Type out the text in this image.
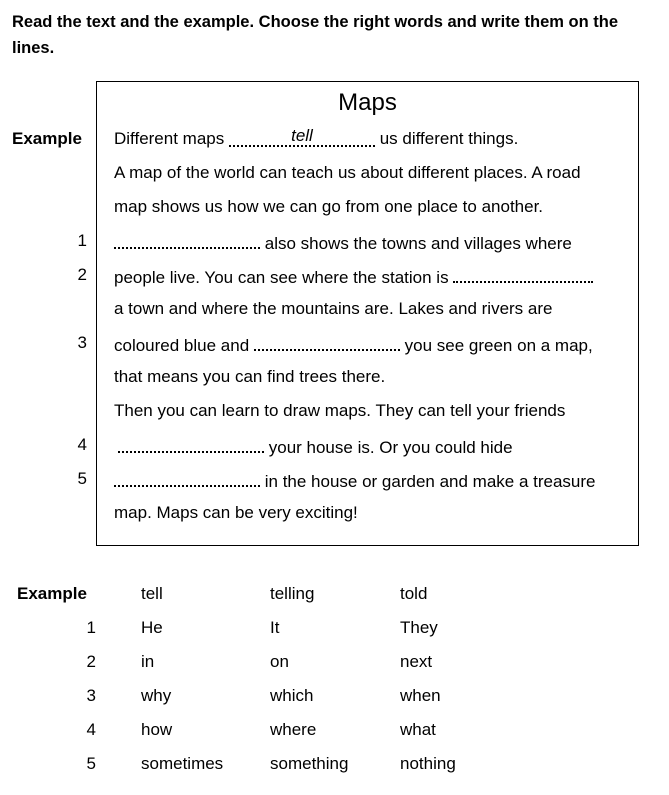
Read the text and the example. Choose the right words and write them on the lines.
Example
1
2
3
4
5
Maps
Different maps	tell	us different things.
A map of the world can teach us about different places. A road
map shows us how we can go from one place to another.
also shows the towns and villages where
people live. You can see where the station is
a town and where the mountains are. Lakes and rivers are
coloured blue and	you see green on a map,
that means you can find trees there.
Then you can learn to draw maps. They can tell your friends
your house is. Or you could hide
in the house or garden and make a treasure
map. Maps can be very exciting!
Example	tell	telling	told
1	He	It	They
2	in	on	next
3	why	which	when
4	how	where	what
5	sometimes	something	nothing
